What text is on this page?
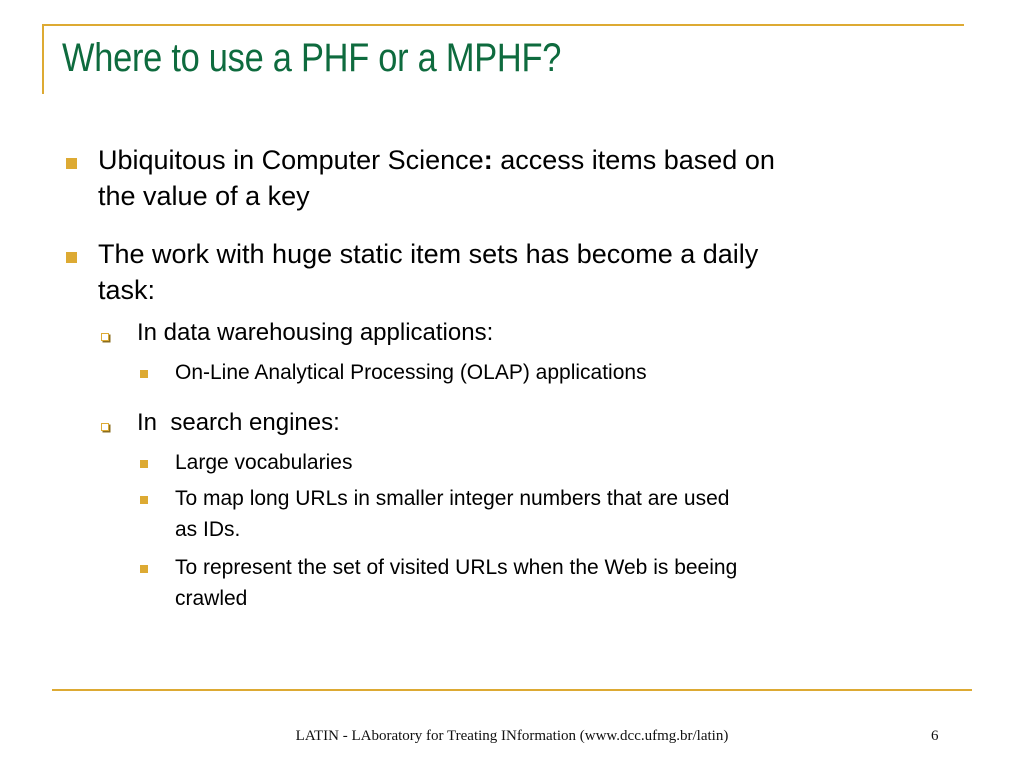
Where to use a PHF or a MPHF?
Ubiquitous in Computer Science: access items based on
the value of a key
The work with huge static item sets has become a daily
task:
In data warehousing applications:
On-Line Analytical Processing (OLAP) applications
In  search engines:
Large vocabularies
To map long URLs in smaller integer numbers that are used
as IDs.
To represent the set of visited URLs when the Web is beeing
crawled
LATIN - LAboratory for Treating INformation (www.dcc.ufmg.br/latin)	6
